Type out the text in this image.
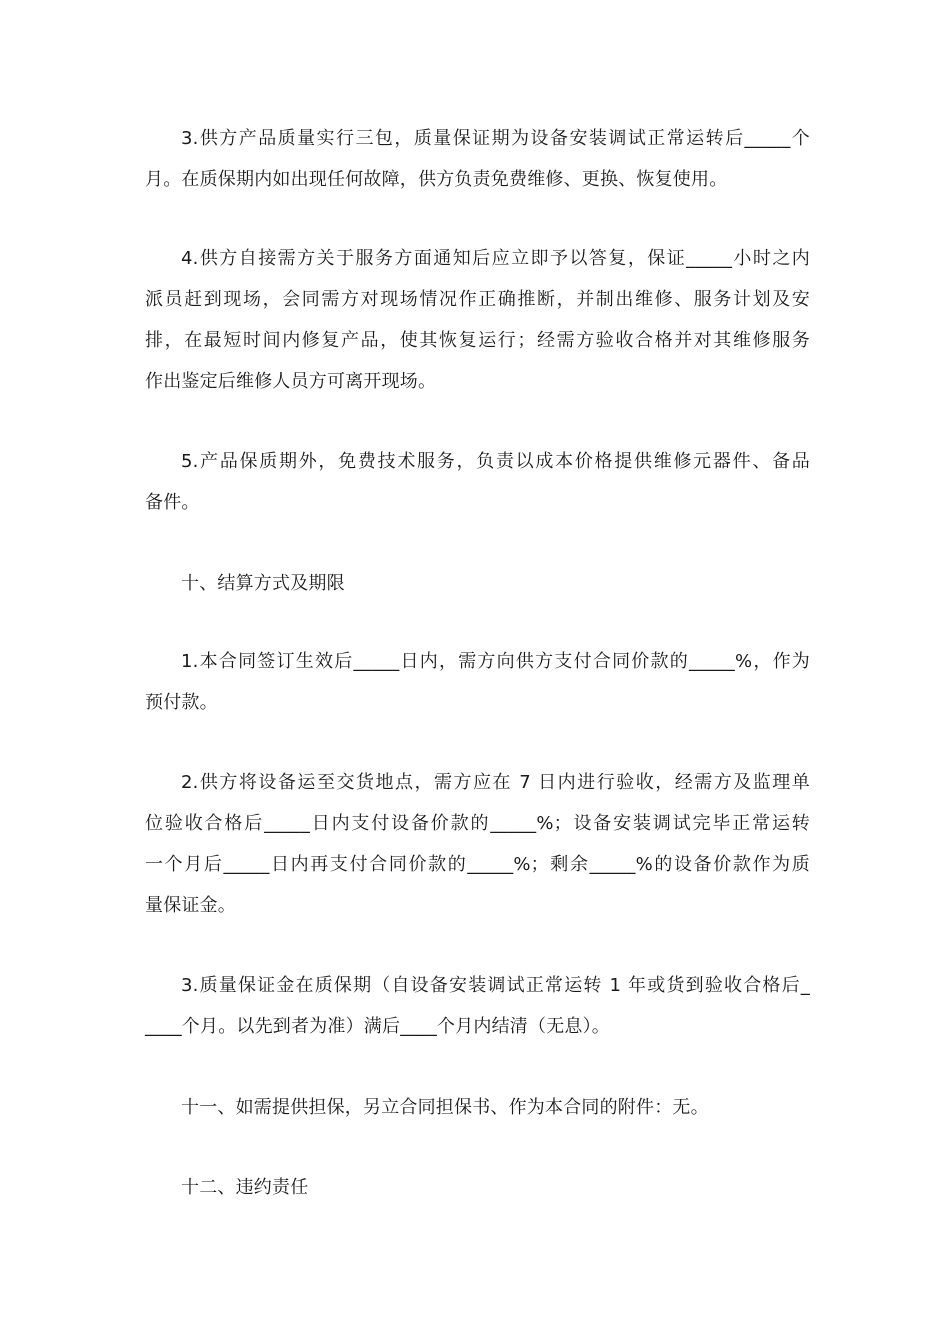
3.供方产品质量实行三包，质量保证期为设备安装调试正常运转后_____个
月。在质保期内如出现任何故障，供方负责免费维修、更换、恢复使用。
4.供方自接需方关于服务方面通知后应立即予以答复，保证_____小时之内
派员赶到现场，会同需方对现场情况作正确推断，并制出维修、服务计划及安
排，在最短时间内修复产品，使其恢复运行；经需方验收合格并对其维修服务
作出鉴定后维修人员方可离开现场。
5.产品保质期外，免费技术服务，负责以成本价格提供维修元器件、备品
备件。
十、结算方式及期限
1.本合同签订生效后_____日内，需方向供方支付合同价款的_____%，作为
预付款。
2.供方将设备运至交货地点，需方应在 7 日内进行验收，经需方及监理单
位验收合格后_____日内支付设备价款的_____%；设备安装调试完毕正常运转
一个月后_____日内再支付合同价款的_____%；剩余_____%的设备价款作为质
量保证金。
3.质量保证金在质保期（自设备安装调试正常运转 1 年或货到验收合格后_
____个月。以先到者为准）满后____个月内结清（无息）。
十一、如需提供担保，另立合同担保书、作为本合同的附件：无。
十二、违约责任
